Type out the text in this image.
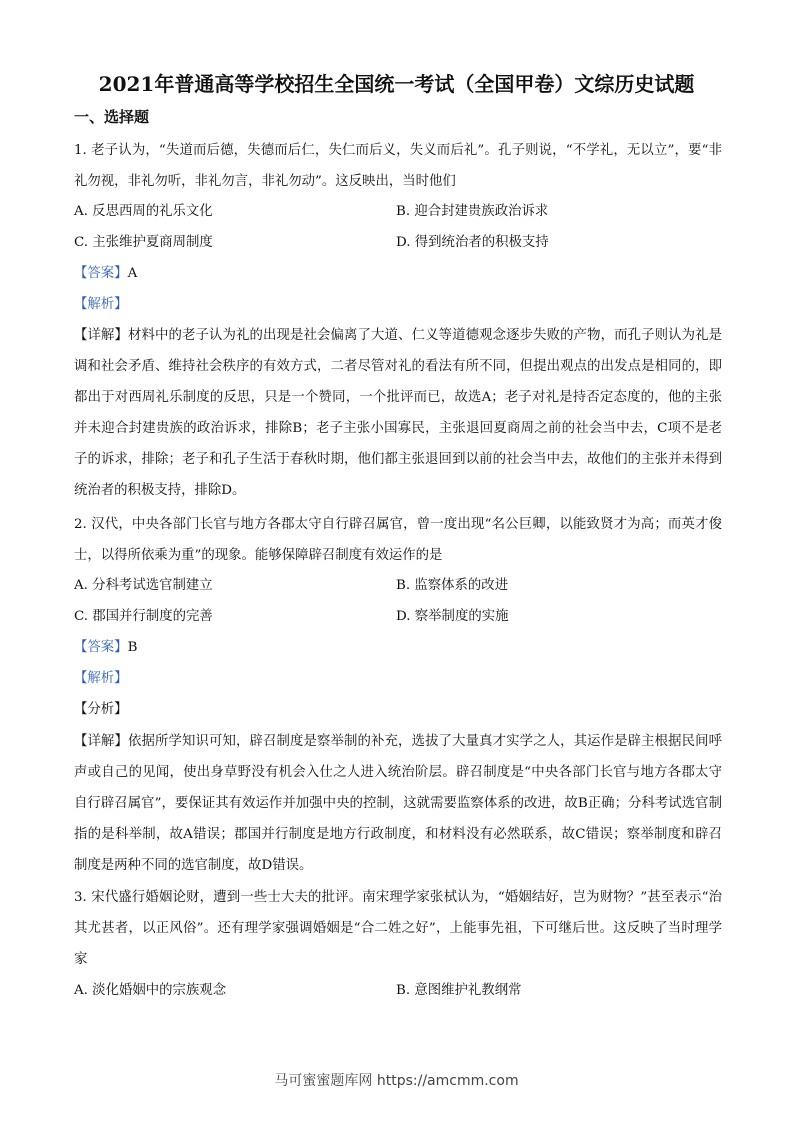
2021年普通高等学校招生全国统一考试（全国甲卷）文综历史试题
一、选择题
1. 老子认为，“失道而后德，失德而后仁，失仁而后义，失义而后礼”。孔子则说，“不学礼，无以立”，要“非礼勿视，非礼勿听，非礼勿言，非礼勿动”。这反映出，当时他们
A. 反思西周的礼乐文化	B. 迎合封建贵族政治诉求
C. 主张维护夏商周制度	D. 得到统治者的积极支持
【答案】A
【解析】
【详解】材料中的老子认为礼的出现是社会偏离了大道、仁义等道德观念逐步失败的产物，而孔子则认为礼是调和社会矛盾、维持社会秩序的有效方式，二者尽管对礼的看法有所不同，但提出观点的出发点是相同的，即都出于对西周礼乐制度的反思，只是一个赞同，一个批评而已，故选A；老子对礼是持否定态度的，他的主张并未迎合封建贵族的政治诉求，排除B；老子主张小国寡民，主张退回夏商周之前的社会当中去，C项不是老子的诉求，排除；老子和孔子生活于春秋时期，他们都主张退回到以前的社会当中去，故他们的主张并未得到统治者的积极支持，排除D。
2. 汉代，中央各部门长官与地方各郡太守自行辟召属官，曾一度出现“名公巨卿，以能致贤才为高；而英才俊士，以得所依乘为重”的现象。能够保障辟召制度有效运作的是
A. 分科考试选官制建立	B. 监察体系的改进
C. 郡国并行制度的完善	D. 察举制度的实施
【答案】B
【解析】
【分析】
【详解】依据所学知识可知，辟召制度是察举制的补充，选拔了大量真才实学之人，其运作是辟主根据民间呼声或自己的见闻，使出身草野没有机会入仕之人进入统治阶层。辟召制度是“中央各部门长官与地方各郡太守自行辟召属官”，要保证其有效运作并加强中央的控制，这就需要监察体系的改进，故B正确；分科考试选官制指的是科举制，故A错误；郡国并行制度是地方行政制度，和材料没有必然联系，故C错误；察举制度和辟召制度是两种不同的选官制度，故D错误。
3. 宋代盛行婚姻论财，遭到一些士大夫的批评。南宋理学家张栻认为，“婚姻结好，岂为财物？”甚至表示“治其尤甚者，以正风俗”。还有理学家强调婚姻是“合二姓之好”，上能事先祖，下可继后世。这反映了当时理学家
A. 淡化婚姻中的宗族观念	B. 意图维护礼教纲常
马可蜜蜜题库网 https://amcmm.com
